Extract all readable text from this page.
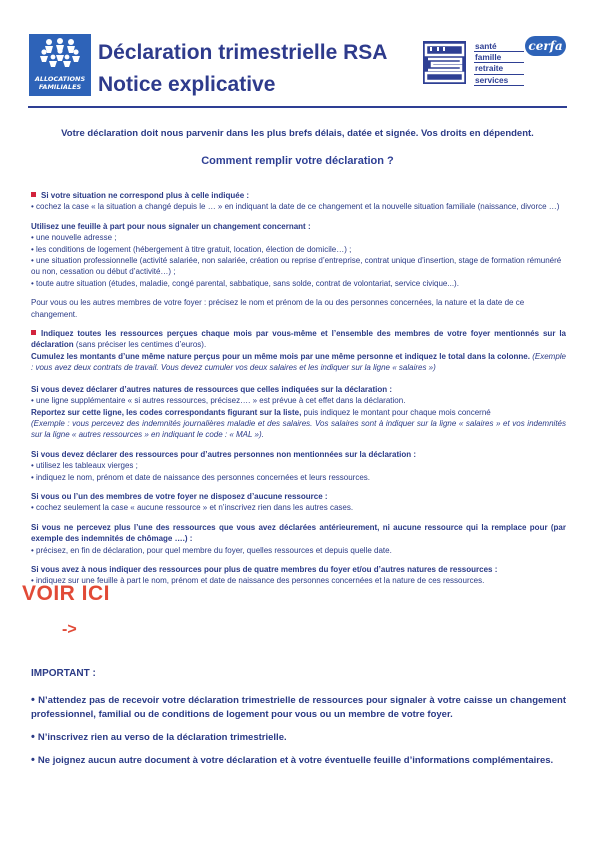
ALLOCATIONS FAMILIALES
Déclaration trimestrielle RSA
Notice explicative
santé
famille
retraite
services
cerfa
Votre déclaration doit nous parvenir dans les plus brefs délais, datée et signée. Vos droits en dépendent.
Comment remplir votre déclaration ?

Si votre situation ne correspond plus à celle indiquée :

• cochez la case « la situation a changé depuis le … » en indiquant la date de ce changement et la nouvelle situation familiale (naissance, divorce …)

Utilisez une feuille à part pour nous signaler un changement concernant :

• une nouvelle adresse ;

• les conditions de logement (hébergement à titre gratuit, location, élection de domicile…) ;

• une situation professionnelle (activité salariée, non salariée, création ou reprise d’entreprise, contrat unique d’insertion, stage de formation rémunéré ou non, cessation ou début d’activité…) ;

• toute autre situation (études, maladie, congé parental, sabbatique, sans solde, contrat de volontariat, service civique...).

Pour vous ou les autres membres de votre foyer : précisez le nom et prénom de la ou des personnes concernées, la nature et la date de ce changement.

Indiquez toutes les ressources perçues chaque mois par vous-même et l’ensemble des membres de votre foyer mentionnés sur la déclaration (sans préciser les centimes d’euros).

Cumulez les montants d’une même nature perçus pour un même mois par une même personne et indiquez le total dans la colonne. (Exemple : vous avez deux contrats de travail. Vous devez cumuler vos deux salaires et les indiquer sur la ligne « salaires »)

Si vous devez déclarer d’autres natures de ressources que celles indiquées sur la déclaration :

• une ligne supplémentaire « si autres ressources, précisez…. » est prévue à cet effet dans la déclaration.

Reportez sur cette ligne, les codes correspondants figurant sur la liste, puis indiquez le montant pour chaque mois concerné

(Exemple : vous percevez des indemnités journalières maladie et des salaires. Vos salaires sont à indiquer sur la ligne « salaires » et vos indemnités sur la ligne « autres ressources » en indiquant le code : « MAL »).

Si vous devez déclarer des ressources pour d’autres personnes non mentionnées sur la déclaration :

• utilisez les tableaux vierges ;

• indiquez le nom, prénom et date de naissance des personnes concernées et leurs ressources.

Si vous ou l’un des membres de votre foyer ne disposez d’aucune ressource :

• cochez seulement la case « aucune ressource » et n’inscrivez rien dans les autres cases.

Si vous ne percevez plus l’une des ressources que vous avez déclarées antérieurement, ni aucune ressource qui la remplace pour (par exemple des indemnités de chômage ….) :

• précisez, en fin de déclaration, pour quel membre du foyer, quelles ressources et depuis quelle date.

Si vous avez à nous indiquer des ressources pour plus de quatre membres du foyer et/ou d’autres natures de ressources :

• indiquez sur une feuille à part le nom, prénom et date de naissance des personnes concernées et la nature de ces ressources.

VOIR ICI
->
IMPORTANT :

• N’attendez pas de recevoir votre déclaration trimestrielle de ressources pour signaler à votre caisse un changement professionnel, familial ou de conditions de logement pour vous ou un membre de votre foyer.

• N’inscrivez rien au verso de la déclaration trimestrielle.

• Ne joignez aucun autre document à votre déclaration et à votre éventuelle feuille d’informations complémentaires.
